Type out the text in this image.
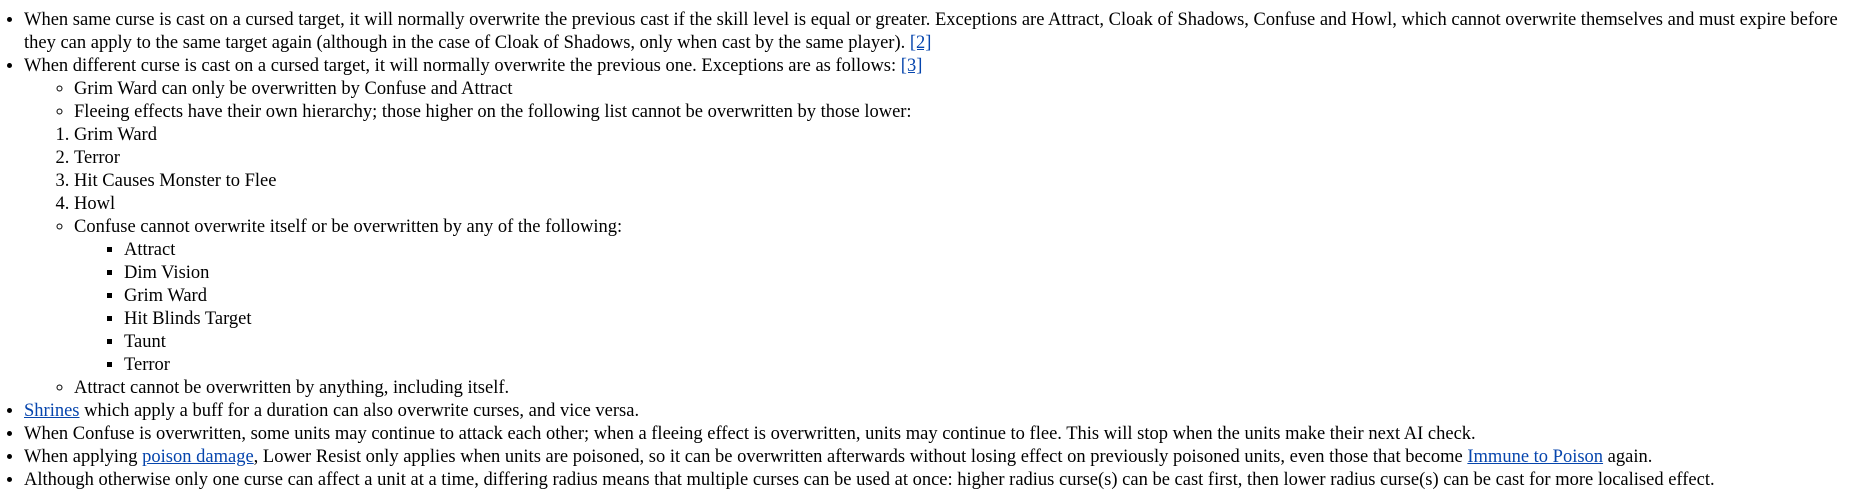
• When same curse is cast on a cursed target, it will normally overwrite the previous cast if the skill level is equal or greater. Exceptions are Attract, Cloak of Shadows, Confuse and Howl, which cannot overwrite themselves and must expire before they can apply to the same target again (although in the case of Cloak of Shadows, only when cast by the same player). [2]
• When different curse is cast on a cursed target, it will normally overwrite the previous one. Exceptions are as follows: [3]
◦ Grim Ward can only be overwritten by Confuse and Attract
◦ Fleeing effects have their own hierarchy; those higher on the following list cannot be overwritten by those lower:
1. Grim Ward
2. Terror
3. Hit Causes Monster to Flee
4. Howl
◦ Confuse cannot overwrite itself or be overwritten by any of the following:
▪ Attract
▪ Dim Vision
▪ Grim Ward
▪ Hit Blinds Target
▪ Taunt
▪ Terror
◦ Attract cannot be overwritten by anything, including itself.
• Shrines which apply a buff for a duration can also overwrite curses, and vice versa.
• When Confuse is overwritten, some units may continue to attack each other; when a fleeing effect is overwritten, units may continue to flee. This will stop when the units make their next AI check.
• When applying poison damage, Lower Resist only applies when units are poisoned, so it can be overwritten afterwards without losing effect on previously poisoned units, even those that become Immune to Poison again.
• Although otherwise only one curse can affect a unit at a time, differing radius means that multiple curses can be used at once: higher radius curse(s) can be cast first, then lower radius curse(s) can be cast for more localised effect.
